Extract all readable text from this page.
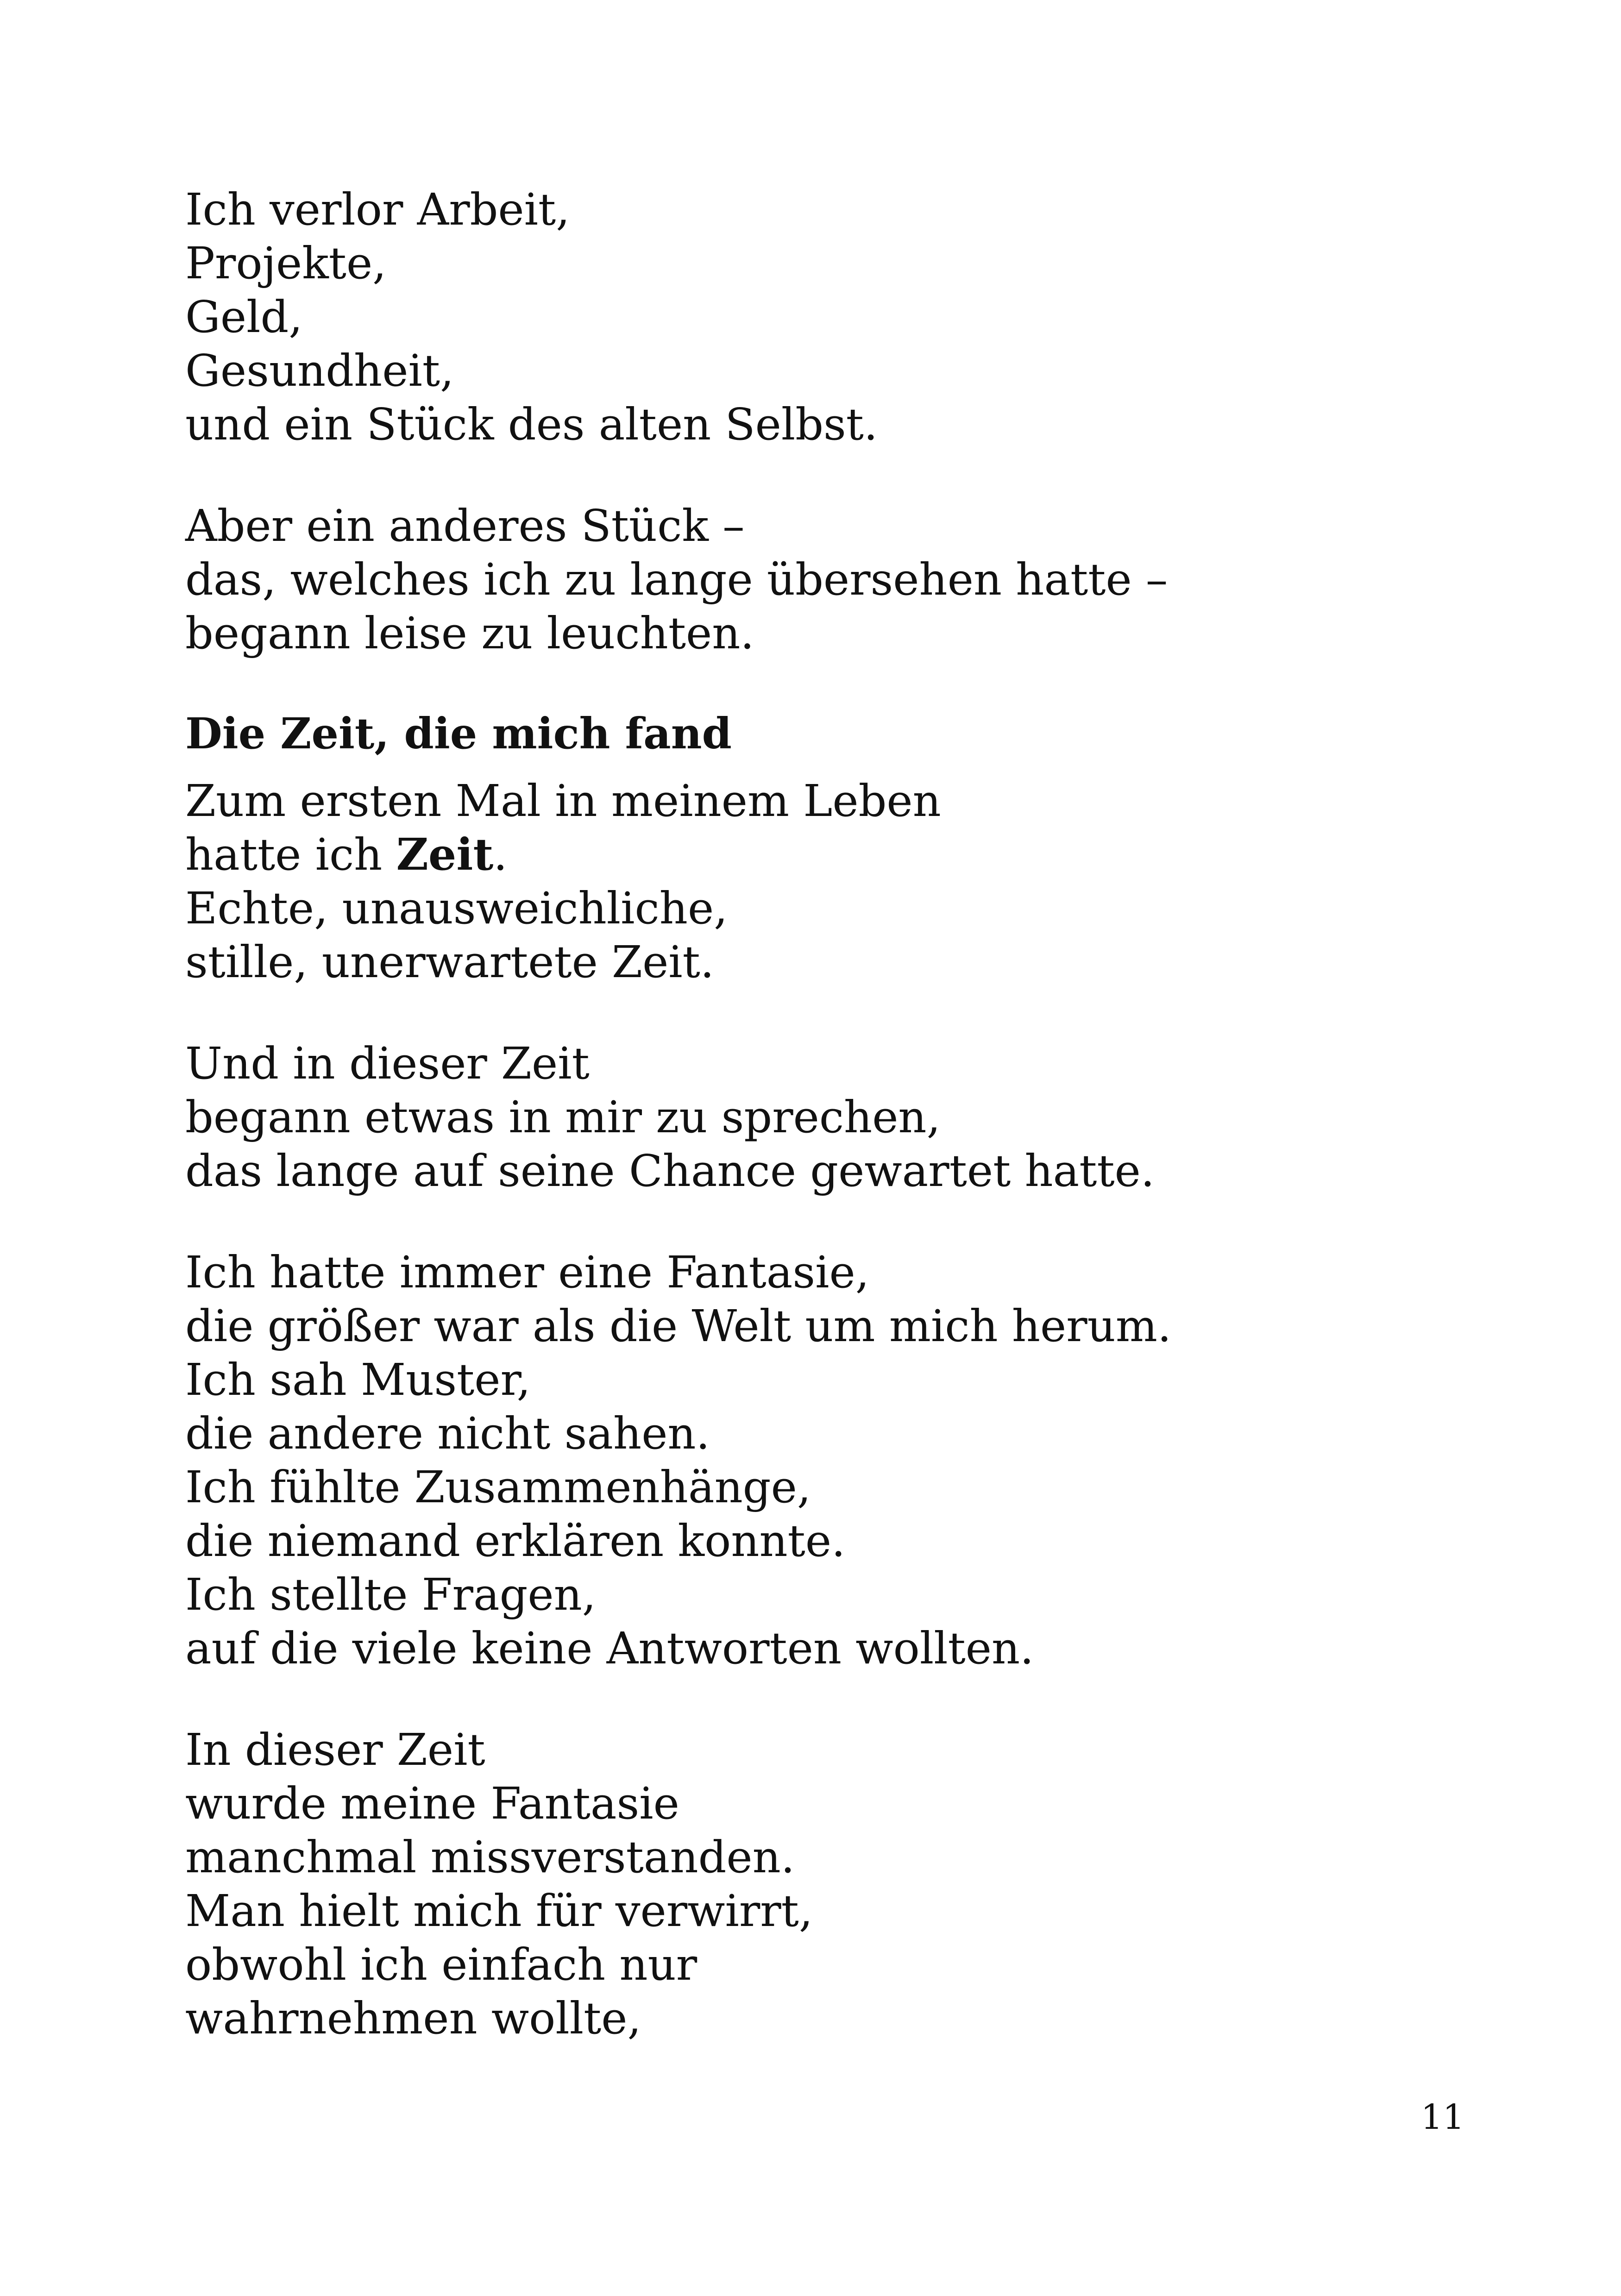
Ich verlor Arbeit,
Projekte,
Geld,
Gesundheit,
und ein Stück des alten Selbst.
Aber ein anderes Stück –
das, welches ich zu lange übersehen hatte –
begann leise zu leuchten.
Die Zeit, die mich fand
Zum ersten Mal in meinem Leben
hatte ich Zeit.
Echte, unausweichliche,
stille, unerwartete Zeit.
Und in dieser Zeit
begann etwas in mir zu sprechen,
das lange auf seine Chance gewartet hatte.
Ich hatte immer eine Fantasie,
die größer war als die Welt um mich herum.
Ich sah Muster,
die andere nicht sahen.
Ich fühlte Zusammenhänge,
die niemand erklären konnte.
Ich stellte Fragen,
auf die viele keine Antworten wollten.
In dieser Zeit
wurde meine Fantasie
manchmal missverstanden.
Man hielt mich für verwirrt,
obwohl ich einfach nur
wahrnehmen wollte,
11
